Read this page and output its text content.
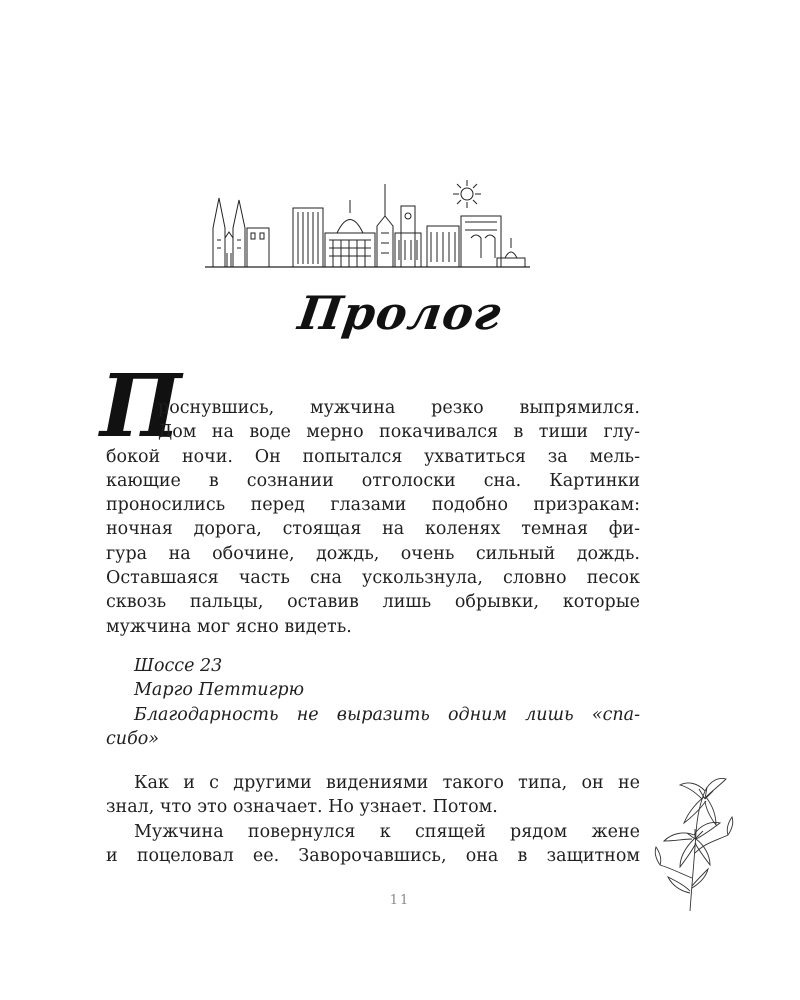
Пролог
П
роснувшись, мужчина резко выпрямился.
Дом на воде мерно покачивался в тиши глу-
бокой ночи. Он попытался ухватиться за мель-
кающие в сознании отголоски сна. Картинки
проносились перед глазами подобно призракам:
ночная дорога, стоящая на коленях темная фи-
гура на обочине, дождь, очень сильный дождь.
Оставшаяся часть сна ускользнула, словно песок
сквозь пальцы, оставив лишь обрывки, которые
мужчина мог ясно видеть.
Шоссе 23
Марго Петтигрю
Благодарность не выразить одним лишь «спа-
сибо»
Как и с другими видениями такого типа, он не
знал, что это означает. Но узнает. Потом.
Мужчина повернулся к спящей рядом жене
и поцеловал ее. Заворочавшись, она в защитном
11
